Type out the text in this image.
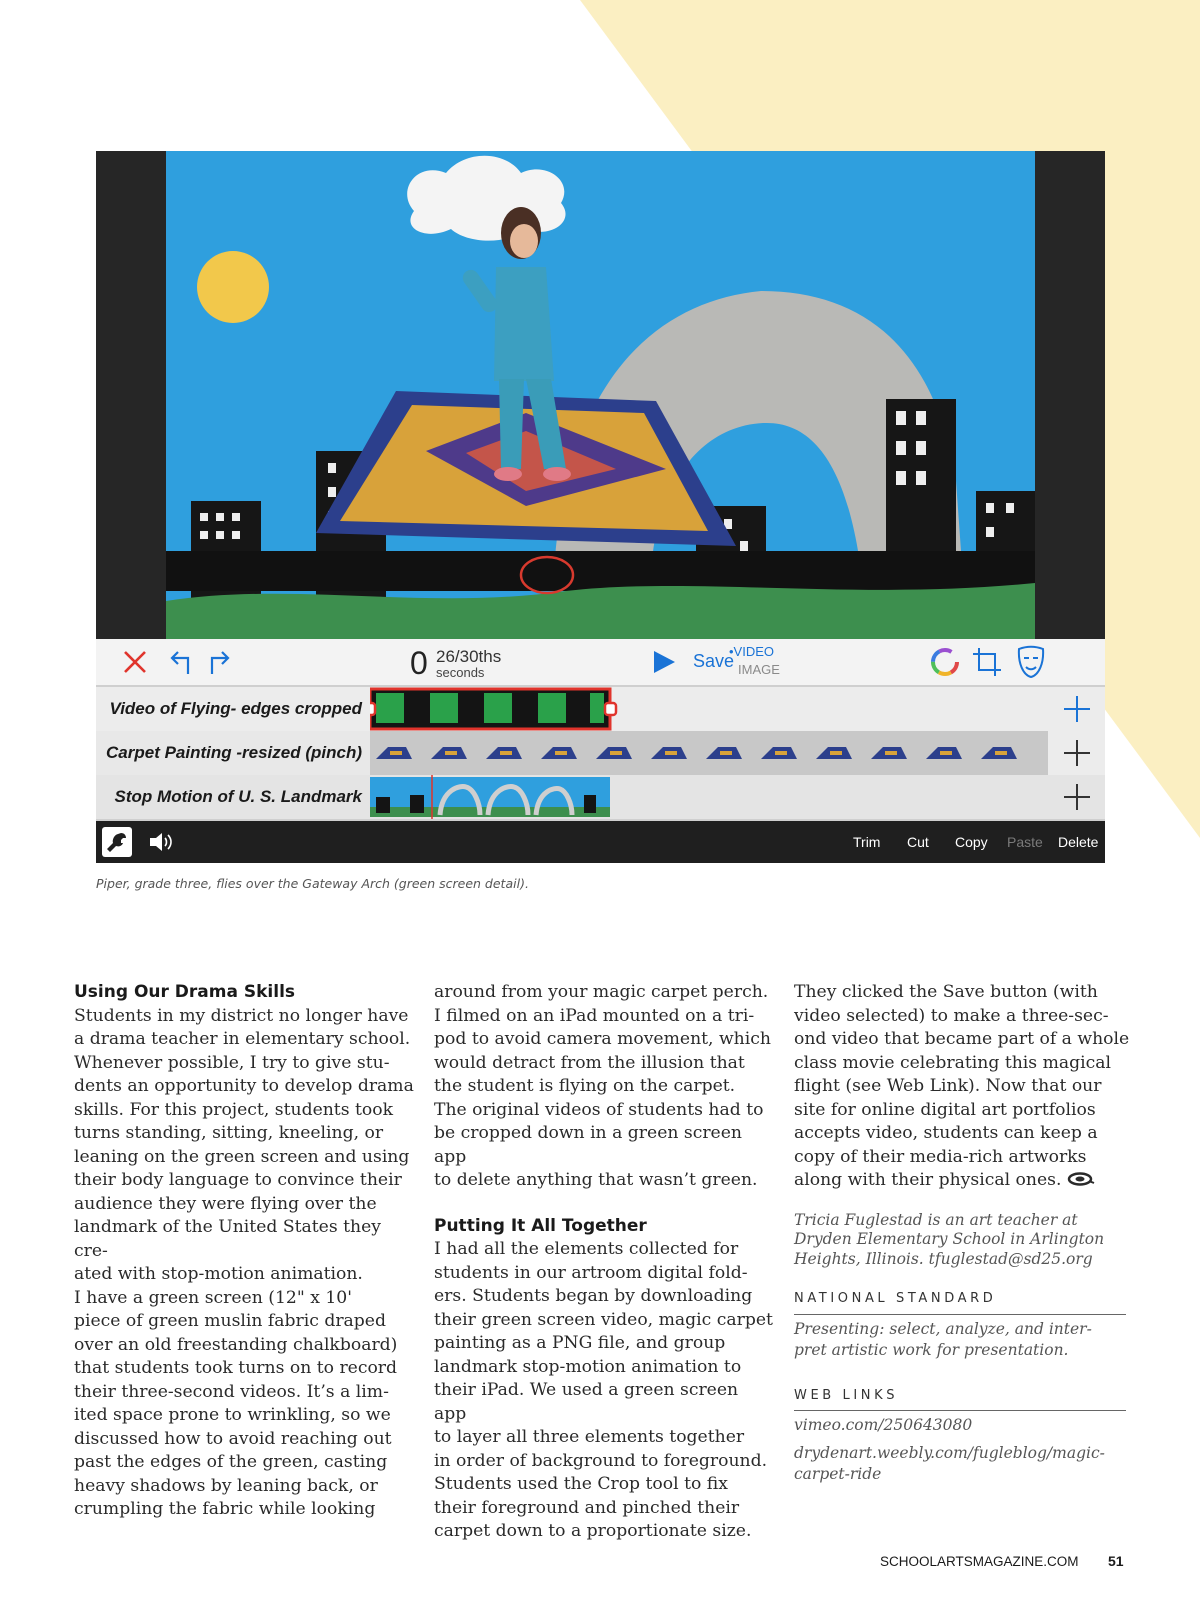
0 26/30ths
seconds
Save
•VIDEO
IMAGE
Video of Flying- edges cropped
Carpet Painting -resized (pinch)
Stop Motion of U. S. Landmark
Trim Cut Copy Paste Delete
Piper, grade three, flies over the Gateway Arch (green screen detail).
Using Our Drama Skills

Students in my district no longer have
a drama teacher in elementary school.
Whenever possible, I try to give stu-
dents an opportunity to develop drama
skills. For this project, students took
turns standing, sitting, kneeling, or
leaning on the green screen and using
their body language to convince their
audience they were flying over the
landmark of the United States they cre-
ated with stop-motion animation.

I have a green screen (12" x 10'
piece of green muslin fabric draped
over an old freestanding chalkboard)
that students took turns on to record
their three-second videos. It’s a lim-
ited space prone to wrinkling, so we
discussed how to avoid reaching out
past the edges of the green, casting
heavy shadows by leaning back, or
crumpling the fabric while looking

around from your magic carpet perch.
I filmed on an iPad mounted on a tri-
pod to avoid camera movement, which
would detract from the illusion that
the student is flying on the carpet.
The original videos of students had to
be cropped down in a green screen app
to delete anything that wasn’t green.

Putting It All Together

I had all the elements collected for
students in our artroom digital fold-
ers. Students began by downloading
their green screen video, magic carpet
painting as a PNG file, and group
landmark stop-motion animation to
their iPad. We used a green screen app
to layer all three elements together
in order of background to foreground.
Students used the Crop tool to fix
their foreground and pinched their
carpet down to a proportionate size.

They clicked the Save button (with
video selected) to make a three-sec-
ond video that became part of a whole
class movie celebrating this magical
flight (see Web Link). Now that our
site for online digital art portfolios
accepts video, students can keep a
copy of their media-rich artworks
along with their physical ones.

Tricia Fuglestad is an art teacher at
Dryden Elementary School in Arlington
Heights, Illinois. tfuglestad@sd25.org

NATIONAL STANDARD

Presenting: select, analyze, and inter-
pret artistic work for presentation.

WEB LINKS

vimeo.com/250643080

drydenart.weebly.com/fugleblog/magic-
carpet-ride

SCHOOLARTSMAGAZINE.COM 51
